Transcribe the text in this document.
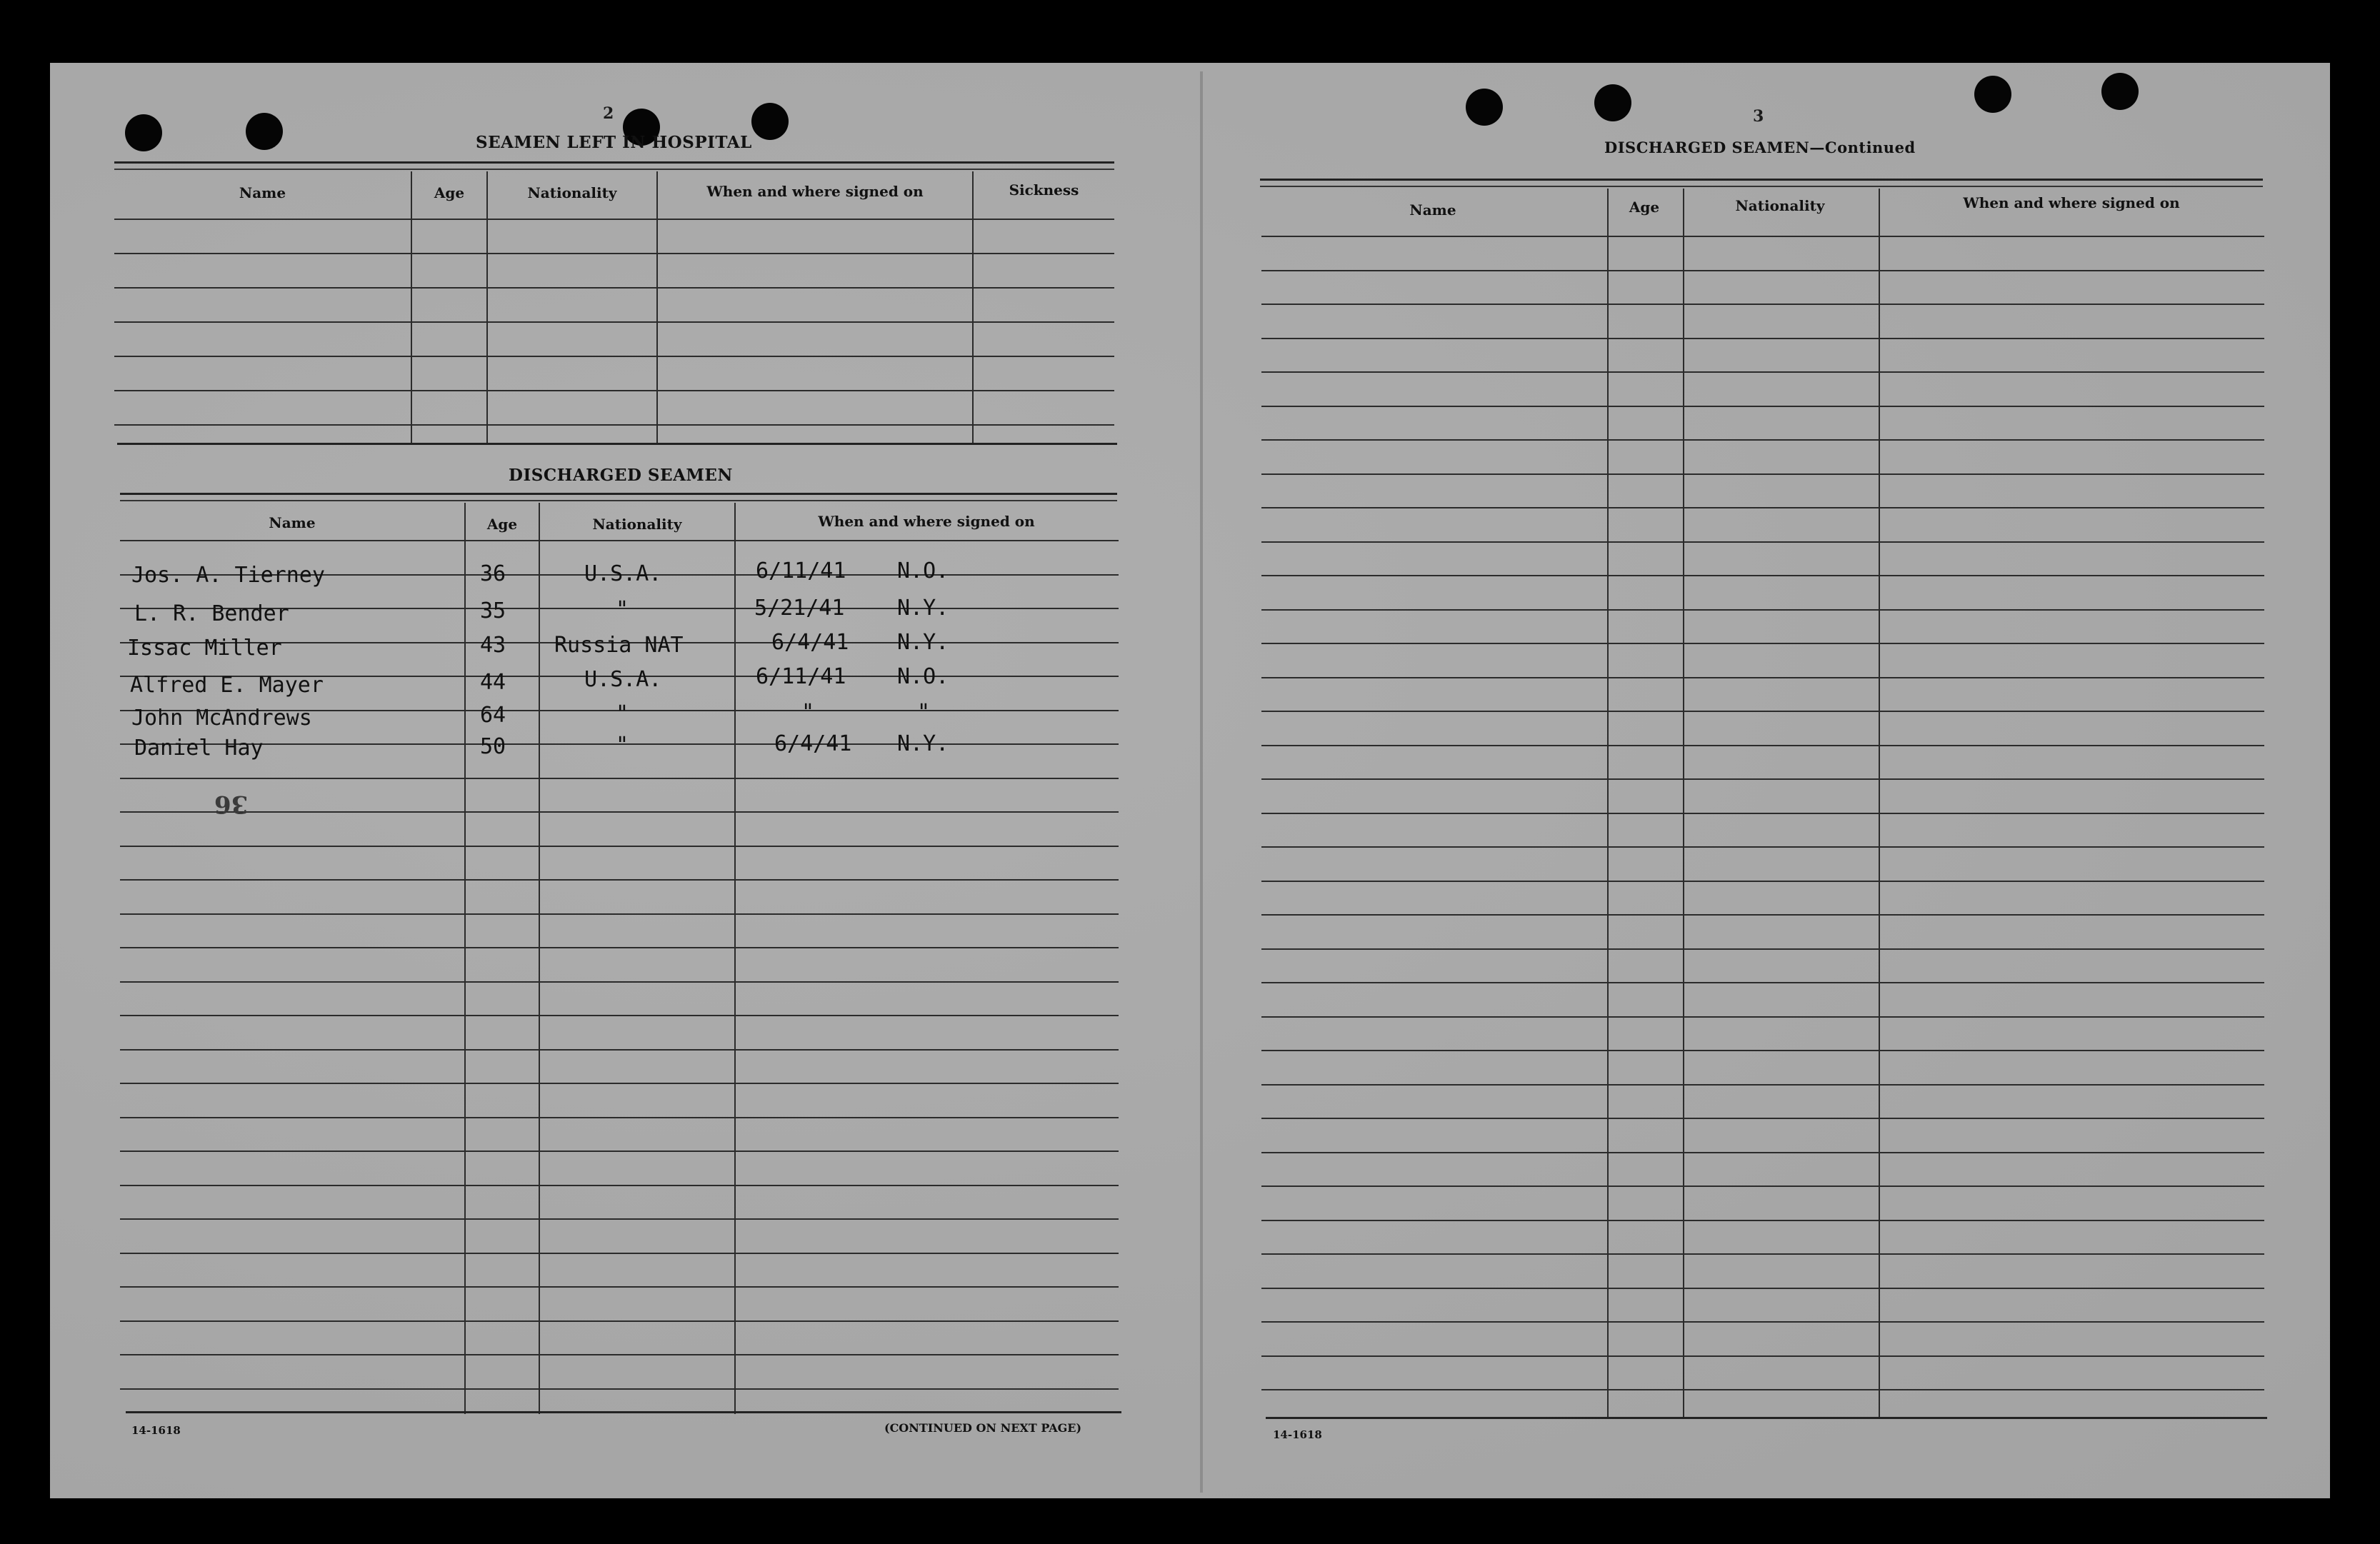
2
SEAMEN LEFT IN HOSPITAL
Name	Age	Nationality	When and where signed on	Sickness
DISCHARGED SEAMEN
Name	Age	Nationality	When and where signed on
Jos. A. Tierney	36	U.S.A.	6/11/41 N.O.
L. R. Bender	35	"	5/21/41 N.Y.
Issac Miller	43 Russia NAT	6/4/41 N.Y.
Alfred E. Mayer	44	U.S.A.	6/11/41 N.O.
John McAndrews	64	"	"	"
Daniel Hay	50	"	6/4/41 N.Y.
36
14-1618	(CONTINUED ON NEXT PAGE)
3
DISCHARGED SEAMEN—Continued
Name	Age	Nationality	When and where signed on
14-1618
